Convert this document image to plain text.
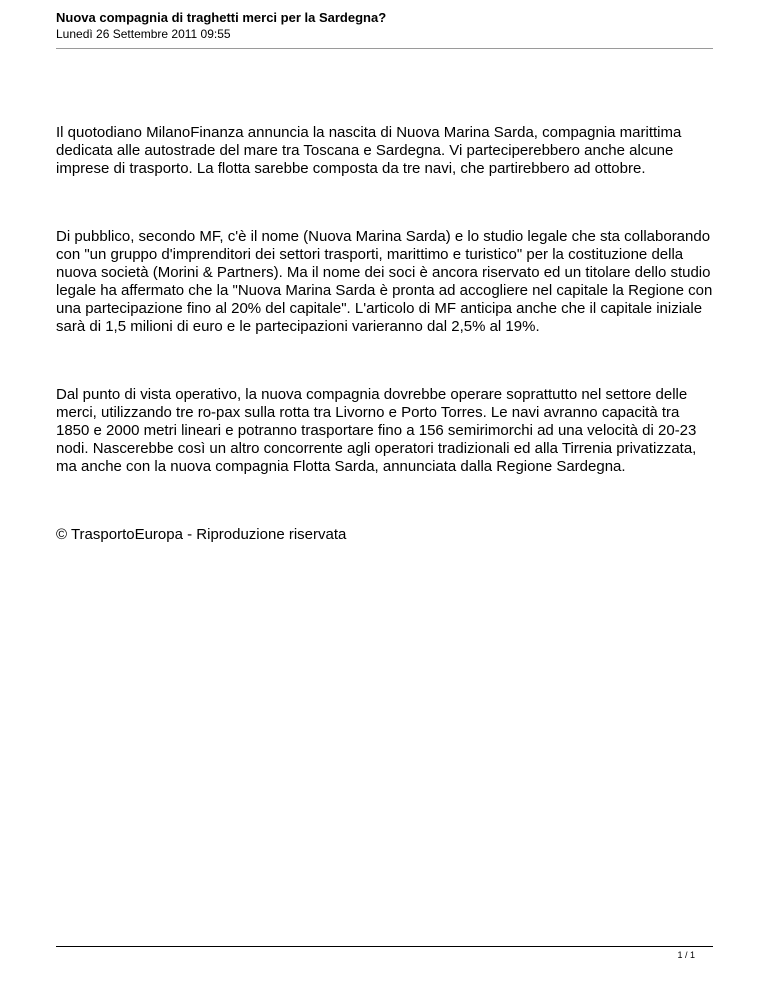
Nuova compagnia di traghetti merci per la Sardegna?

Lunedì 26 Settembre 2011 09:55

Il quotodiano MilanoFinanza annuncia la nascita di Nuova Marina Sarda, compagnia marittima dedicata alle autostrade del mare tra Toscana e Sardegna. Vi parteciperebbero anche alcune imprese di trasporto. La flotta sarebbe composta da tre navi, che partirebbero ad ottobre.

Di pubblico, secondo MF, c'è il nome (Nuova Marina Sarda) e lo studio legale che sta collaborando con "un gruppo d'imprenditori dei settori trasporti, marittimo e turistico" per la costituzione della nuova società (Morini & Partners). Ma il nome dei soci è ancora riservato ed un titolare dello studio legale ha affermato che la "Nuova Marina Sarda è pronta ad accogliere nel capitale la Regione con una partecipazione fino al 20% del capitale". L'articolo di MF anticipa anche che il capitale iniziale sarà di 1,5 milioni di euro e le partecipazioni varieranno dal 2,5% al 19%.

Dal punto di vista operativo, la nuova compagnia dovrebbe operare soprattutto nel settore delle merci, utilizzando tre ro-pax sulla rotta tra Livorno e Porto Torres. Le navi avranno capacità tra 1850 e 2000 metri lineari e potranno trasportare fino a 156 semirimorchi ad una velocità di 20-23 nodi. Nascerebbe così un altro concorrente agli operatori tradizionali ed alla Tirrenia privatizzata, ma anche con la nuova compagnia Flotta Sarda, annunciata dalla Regione Sardegna.

© TrasportoEuropa - Riproduzione riservata

1 / 1
